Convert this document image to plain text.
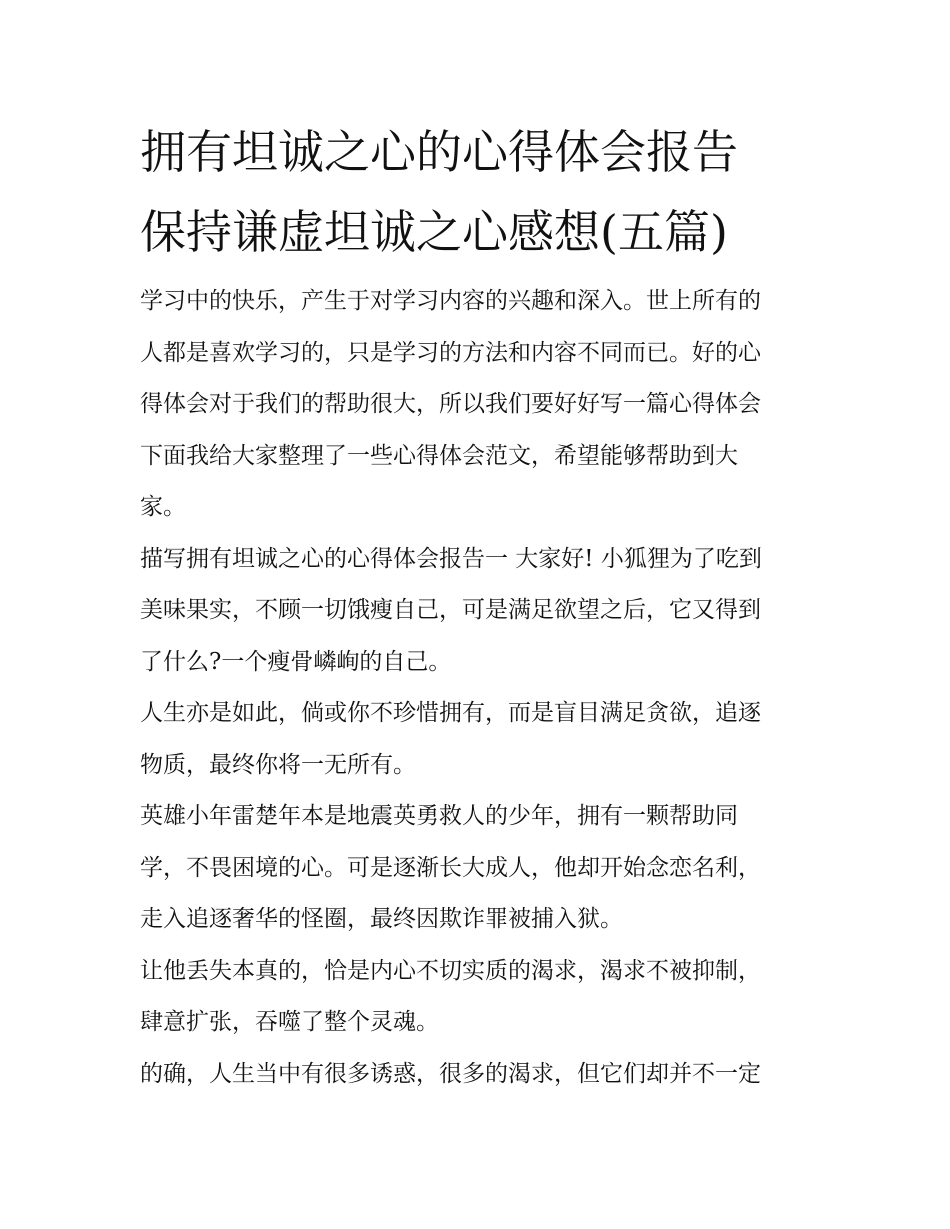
拥有坦诚之心的心得体会报告
保持谦虚坦诚之心感想(五篇)
学习中的快乐，产生于对学习内容的兴趣和深入。世上所有的
人都是喜欢学习的，只是学习的方法和内容不同而已。好的心
得体会对于我们的帮助很大，所以我们要好好写一篇心得体会
下面我给大家整理了一些心得体会范文，希望能够帮助到大
家。
描写拥有坦诚之心的心得体会报告一 大家好! 小狐狸为了吃到
美味果实，不顾一切饿瘦自己，可是满足欲望之后，它又得到
了什么?一个瘦骨嶙峋的自己。
人生亦是如此，倘或你不珍惜拥有，而是盲目满足贪欲，追逐
物质，最终你将一无所有。
英雄小年雷楚年本是地震英勇救人的少年，拥有一颗帮助同
学，不畏困境的心。可是逐渐长大成人，他却开始念恋名利，
走入追逐奢华的怪圈，最终因欺诈罪被捕入狱。
让他丢失本真的，恰是内心不切实质的渴求，渴求不被抑制，
肆意扩张，吞噬了整个灵魂。
的确，人生当中有很多诱惑，很多的渴求，但它们却并不一定
